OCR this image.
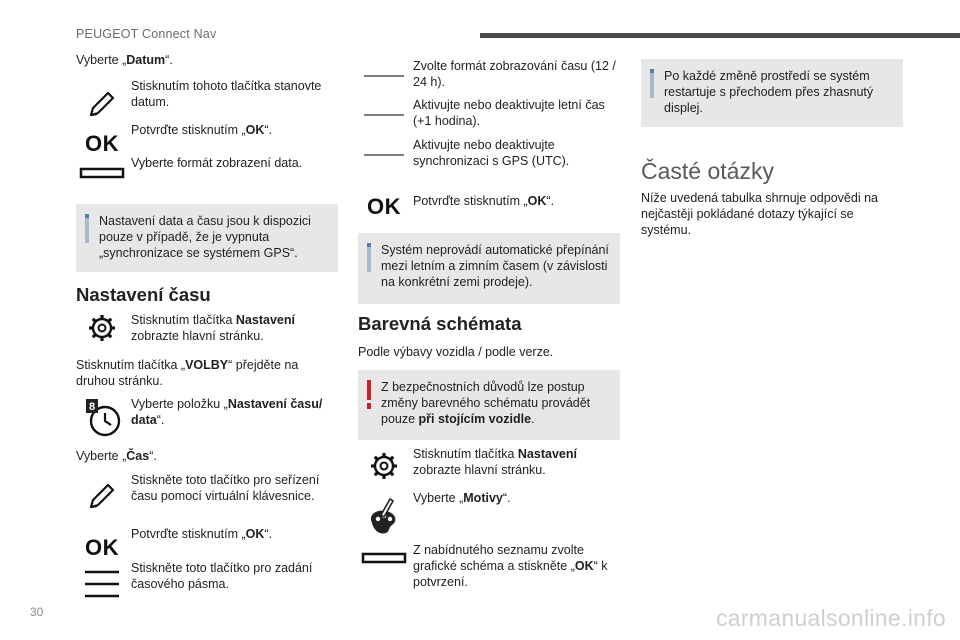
PEUGEOT Connect Nav
Vyberte „Datum“.
Stisknutím tohoto tlačítka stanovte datum.
OK
Potvrďte stisknutím „OK“.
Vyberte formát zobrazení data.
Nastavení data a času jsou k dispozici pouze v případě, že je vypnuta „synchronizace se systémem GPS“.
Nastavení času
Stisknutím tlačítka Nastavení zobrazte hlavní stránku.
Stisknutím tlačítka „VOLBY“ přejděte na druhou stránku.
8	Vyberte položku „Nastavení času/ data“.
Vyberte „Čas“.
Stiskněte toto tlačítko pro seřízení času pomocí virtuální klávesnice.
OK
Potvrďte stisknutím „OK“.
Stiskněte toto tlačítko pro zadání časového pásma.
Zvolte formát zobrazování času (12 / 24 h).
Aktivujte nebo deaktivujte letní čas (+1 hodina).
Aktivujte nebo deaktivujte synchronizaci s GPS (UTC).
OK Potvrďte stisknutím „OK“.
Systém neprovádí automatické přepínání mezi letním a zimním časem (v závislosti na konkrétní zemi prodeje).
Barevná schémata
Podle výbavy vozidla / podle verze.
Z bezpečnostních důvodů lze postup změny barevného schématu provádět pouze při stojícím vozidle.
Stisknutím tlačítka Nastavení zobrazte hlavní stránku.
Vyberte „Motivy“.
Z nabídnutého seznamu zvolte grafické schéma a stiskněte „OK“ k potvrzení.
Po každé změně prostředí se systém restartuje s přechodem přes zhasnutý displej.
Časté otázky
Níže uvedená tabulka shrnuje odpovědi na nejčastěji pokládané dotazy týkající se systému.
30	carmanualsonline.info
